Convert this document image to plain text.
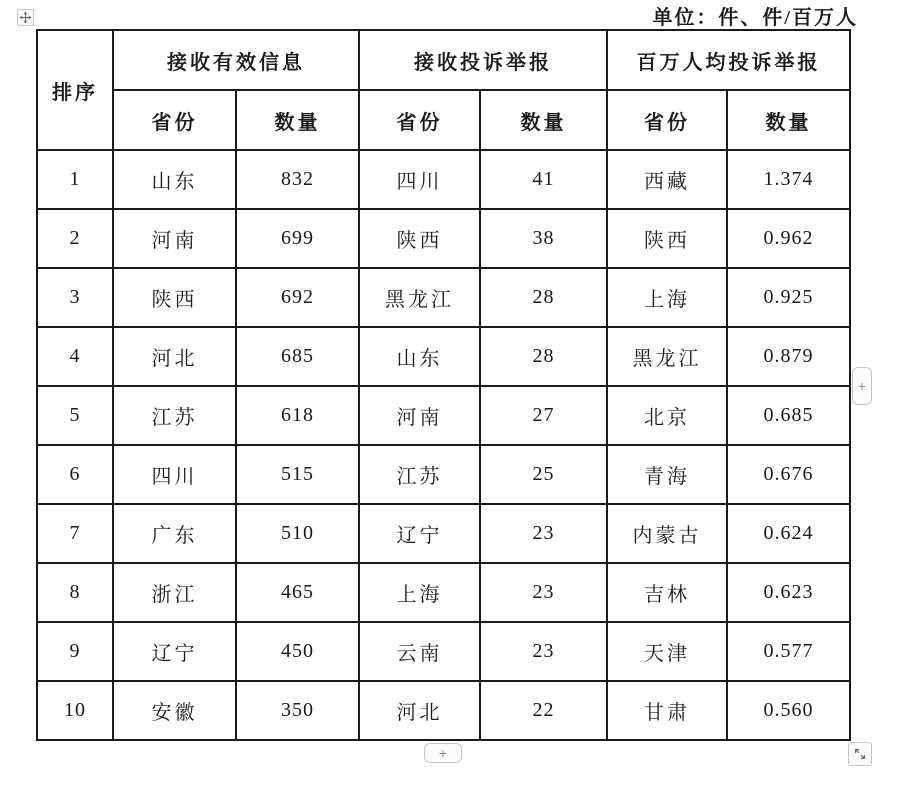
单位：件、件/百万人
排序	接收有效信息		接收投诉举报		百万人均投诉举报	
	省份	数量	省份	数量	省份	数量
1	山东	832	四川	41	西藏	1.374
2	河南	699	陕西	38	陕西	0.962
3	陕西	692	黑龙江	28	上海	0.925
4	河北	685	山东	28	黑龙江	0.879
5	江苏	618	河南	27	北京	0.685
6	四川	515	江苏	25	青海	0.676
7	广东	510	辽宁	23	内蒙古	0.624
8	浙江	465	上海	23	吉林	0.623
9	辽宁	450	云南	23	天津	0.577
10	安徽	350	河北	22	甘肃	0.560
+
+
